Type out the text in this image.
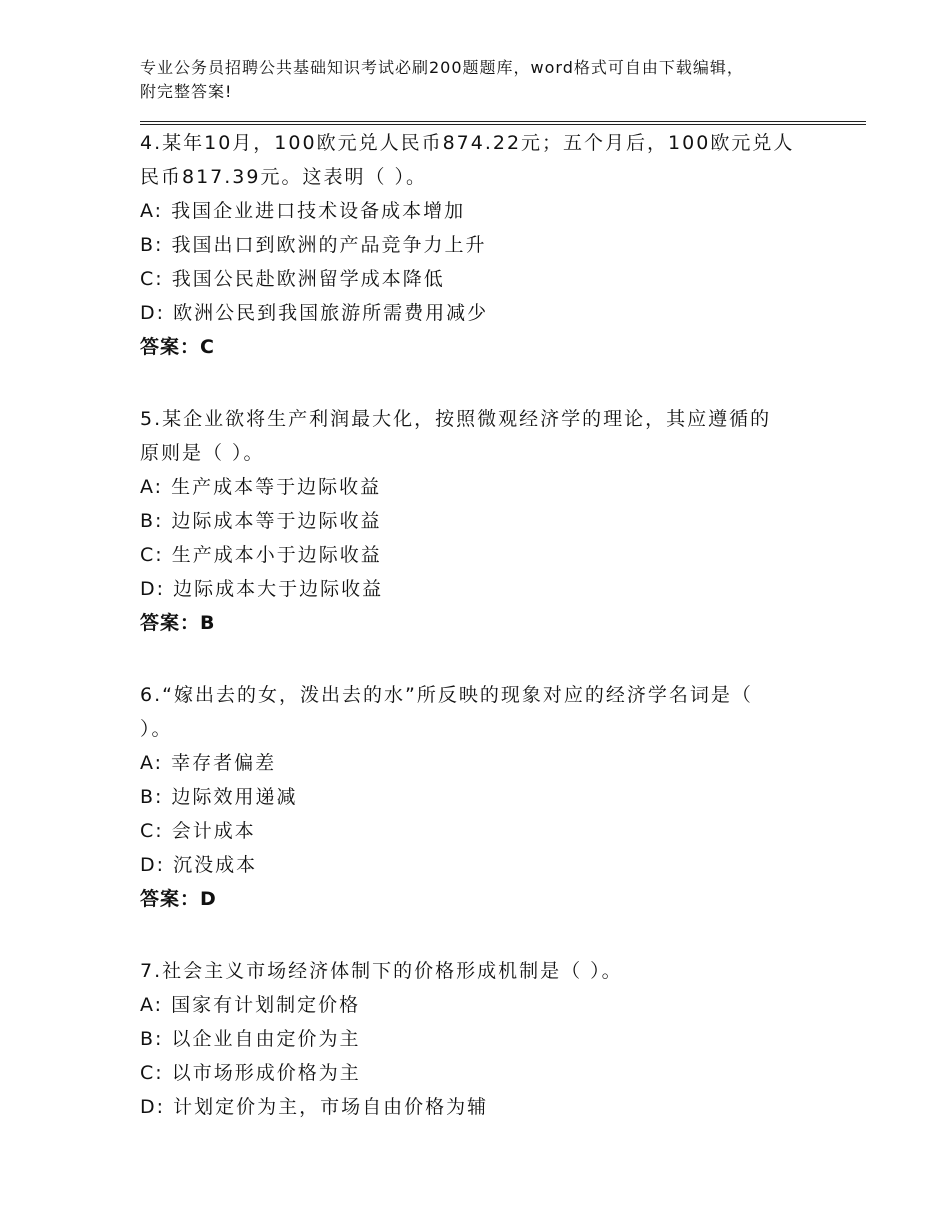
专业公务员招聘公共基础知识考试必刷200题题库，word格式可自由下载编辑，
附完整答案!

4.某年10月，100欧元兑人民币874.22元；五个月后，100欧元兑人

民币817.39元。这表明（ ）。

A: 我国企业进口技术设备成本增加

B: 我国出口到欧洲的产品竞争力上升

C: 我国公民赴欧洲留学成本降低

D: 欧洲公民到我国旅游所需费用减少

答案：C

5.某企业欲将生产利润最大化，按照微观经济学的理论，其应遵循的

原则是（ ）。

A: 生产成本等于边际收益

B: 边际成本等于边际收益

C: 生产成本小于边际收益

D: 边际成本大于边际收益

答案：B

6.“嫁出去的女，泼出去的水”所反映的现象对应的经济学名词是（

）。

A: 幸存者偏差

B: 边际效用递减

C: 会计成本

D: 沉没成本

答案：D

7.社会主义市场经济体制下的价格形成机制是（ ）。

A: 国家有计划制定价格

B: 以企业自由定价为主

C: 以市场形成价格为主

D: 计划定价为主，市场自由价格为辅
